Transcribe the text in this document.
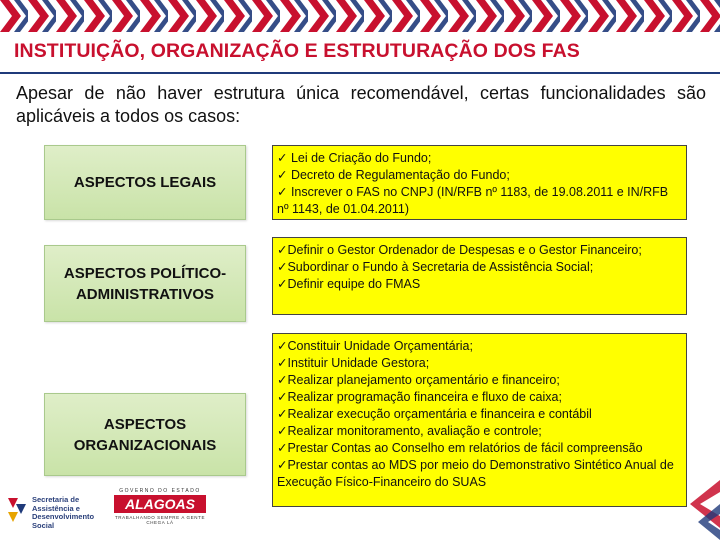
INSTITUIÇÃO, ORGANIZAÇÃO E ESTRUTURAÇÃO DOS FAS
Apesar de não haver estrutura única recomendável, certas funcionalidades são aplicáveis a todos os casos:
ASPECTOS LEGAIS
✓ Lei de Criação do Fundo;
✓ Decreto de Regulamentação do Fundo;
✓ Inscrever o FAS no CNPJ (IN/RFB nº 1183, de 19.08.2011 e IN/RFB nº 1143, de 01.04.2011)
ASPECTOS POLÍTICO-ADMINISTRATIVOS
✓Definir o Gestor Ordenador de Despesas e o Gestor Financeiro;
✓Subordinar o Fundo à Secretaria de Assistência Social;
✓Definir equipe do FMAS
ASPECTOS ORGANIZACIONAIS
✓Constituir Unidade Orçamentária;
✓Instituir Unidade Gestora;
✓Realizar planejamento orçamentário e financeiro;
✓Realizar programação financeira e fluxo de caixa;
✓Realizar execução orçamentária e financeira e contábil
✓Realizar monitoramento, avaliação e controle;
✓Prestar Contas ao Conselho em relatórios de fácil compreensão
✓Prestar contas ao MDS por meio do Demonstrativo Sintético Anual de Execução Físico-Financeiro do SUAS
Secretaria de Assistência e Desenvolvimento Social
GOVERNO DO ESTADO
ALAGOAS
TRABALHANDO SEMPRE A GENTE CHEGA LÁ
